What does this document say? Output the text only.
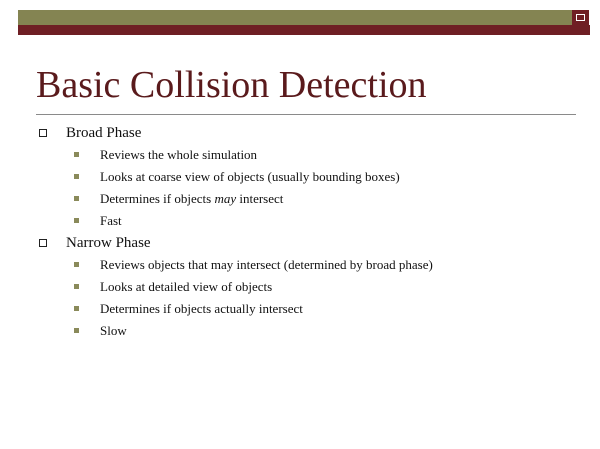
Basic Collision Detection
Broad Phase
Reviews the whole simulation
Looks at coarse view of objects (usually bounding boxes)
Determines if objects may intersect
Fast
Narrow Phase
Reviews objects that may intersect (determined by broad phase)
Looks at detailed view of objects
Determines if objects actually intersect
Slow
